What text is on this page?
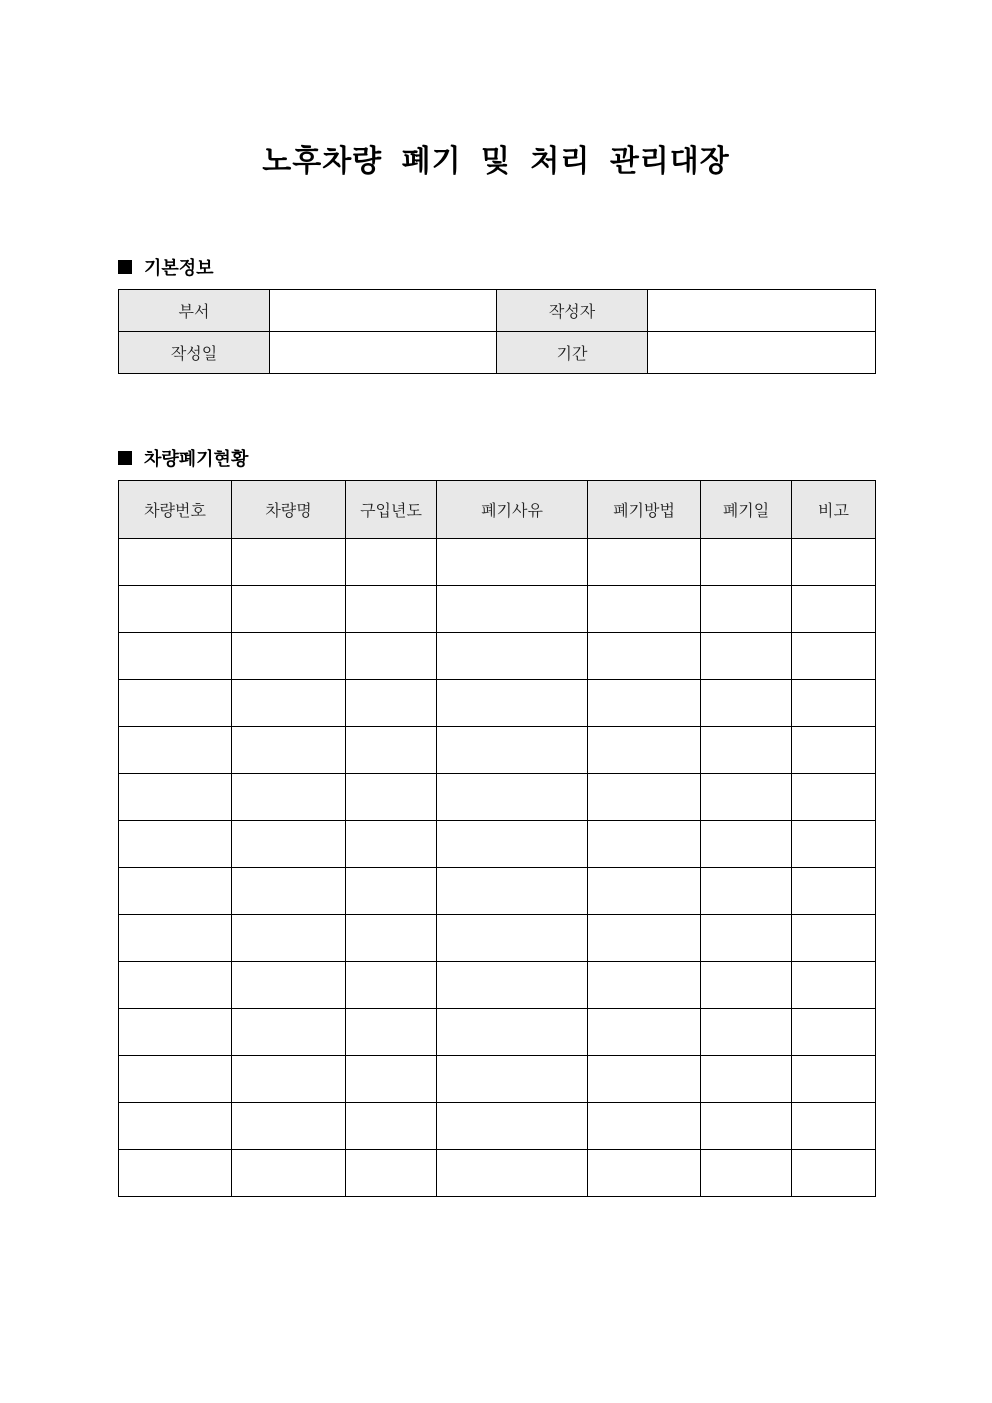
노후차량 폐기 및 처리 관리대장
기본정보
부서		작성자	
작성일		기간	
차량폐기현황
차량번호	차량명	구입년도	폐기사유	폐기방법	폐기일	비고
